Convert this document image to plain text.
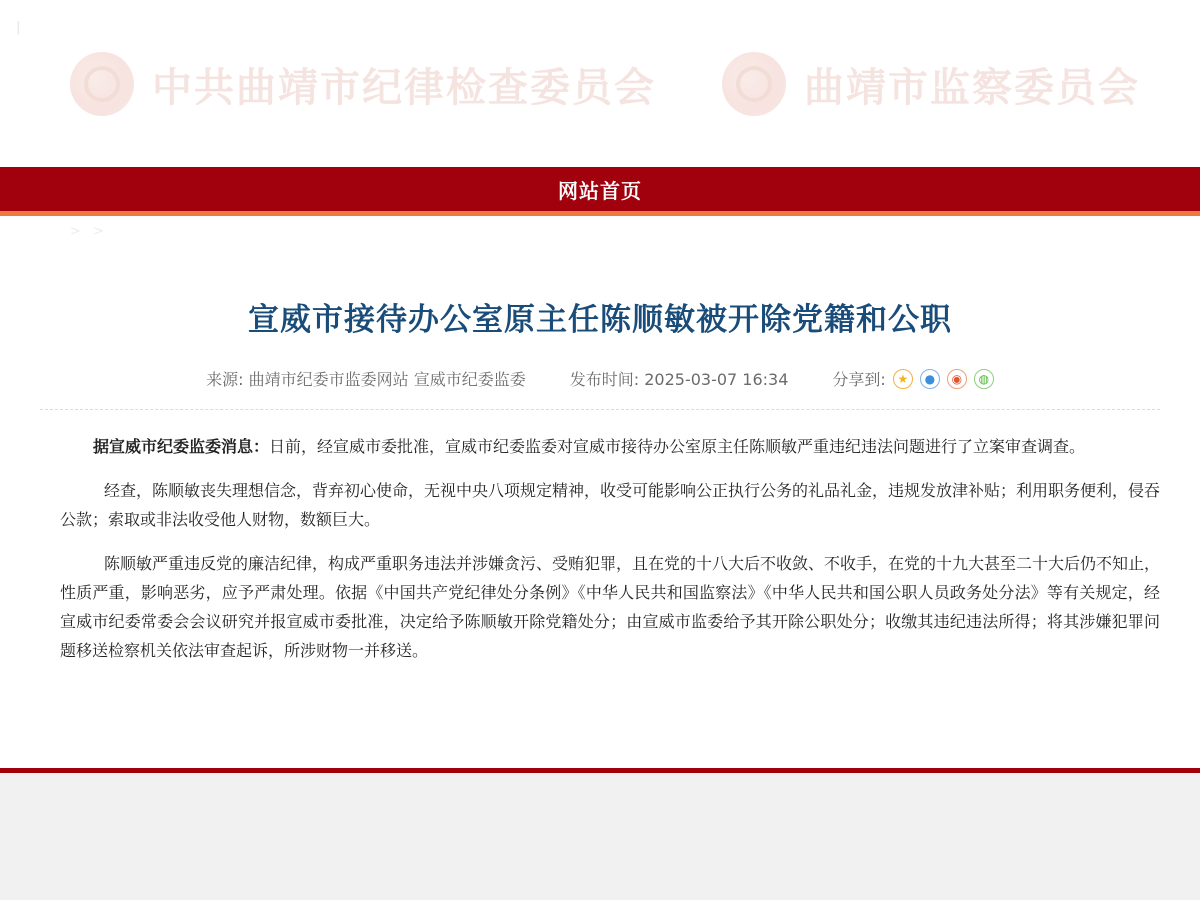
|
中共曲靖市纪律检查委员会	曲靖市监察委员会
网站首页
> >
宣威市接待办公室原主任陈顺敏被开除党籍和公职
来源: 曲靖市纪委市监委网站 宣威市纪委监委	发布时间: 2025-03-07 16:34	分享到: ★	●	◉	◍

据宣威市纪委监委消息：日前，经宣威市委批准，宣威市纪委监委对宣威市接待办公室原主任陈顺敏严重违纪违法问题进行了立案审查调查。

经查，陈顺敏丧失理想信念，背弃初心使命，无视中央八项规定精神，收受可能影响公正执行公务的礼品礼金，违规发放津补贴；利用职务便利，侵吞公款；索取或非法收受他人财物，数额巨大。

陈顺敏严重违反党的廉洁纪律，构成严重职务违法并涉嫌贪污、受贿犯罪，且在党的十八大后不收敛、不收手，在党的十九大甚至二十大后仍不知止，性质严重，影响恶劣，应予严肃处理。依据《中国共产党纪律处分条例》《中华人民共和国监察法》《中华人民共和国公职人员政务处分法》等有关规定，经宣威市纪委常委会会议研究并报宣威市委批准，决定给予陈顺敏开除党籍处分；由宣威市监委给予其开除公职处分；收缴其违纪违法所得；将其涉嫌犯罪问题移送检察机关依法审查起诉，所涉财物一并移送。
